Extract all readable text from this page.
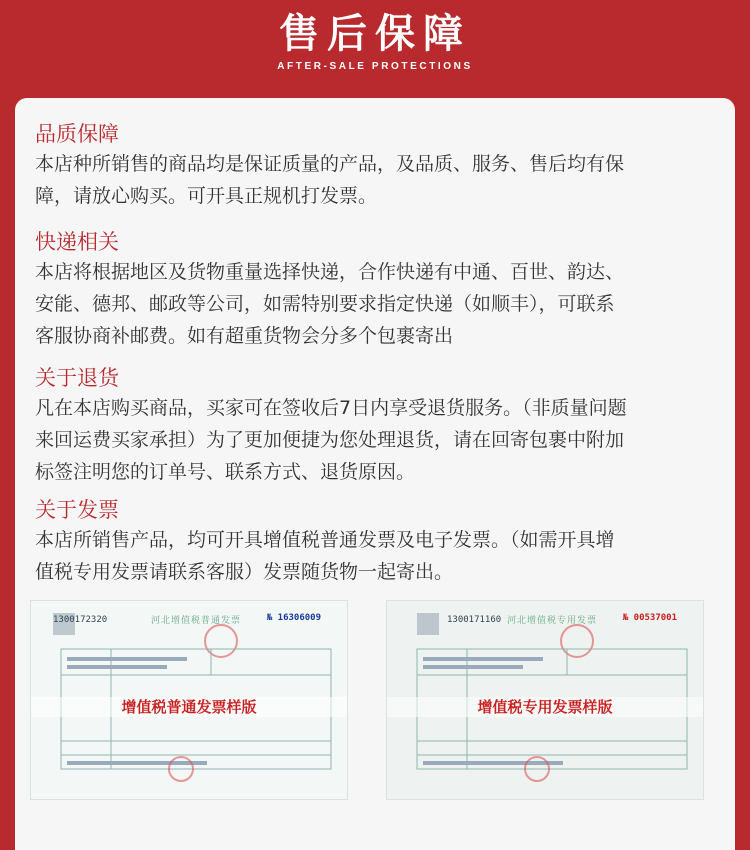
售后保障
AFTER-SALE PROTECTIONS
品质保障
本店种所销售的商品均是保证质量的产品，及品质、服务、售后均有保
障，请放心购买。可开具正规机打发票。
快递相关
本店将根据地区及货物重量选择快递，合作快递有中通、百世、韵达、
安能、德邦、邮政等公司，如需特别要求指定快递（如顺丰），可联系
客服协商补邮费。如有超重货物会分多个包裹寄出
关于退货
凡在本店购买商品，买家可在签收后7日内享受退货服务。（非质量问题
来回运费买家承担）为了更加便捷为您处理退货，请在回寄包裹中附加
标签注明您的订单号、联系方式、退货原因。
关于发票
本店所销售产品，均可开具增值税普通发票及电子发票。（如需开具增
值税专用发票请联系客服）发票随货物一起寄出。
1300172320	河北增值税普通发票	№ 16306009
增值税普通发票样版
1300171160 河北增值税专用发票	№ 00537001
增值税专用发票样版
